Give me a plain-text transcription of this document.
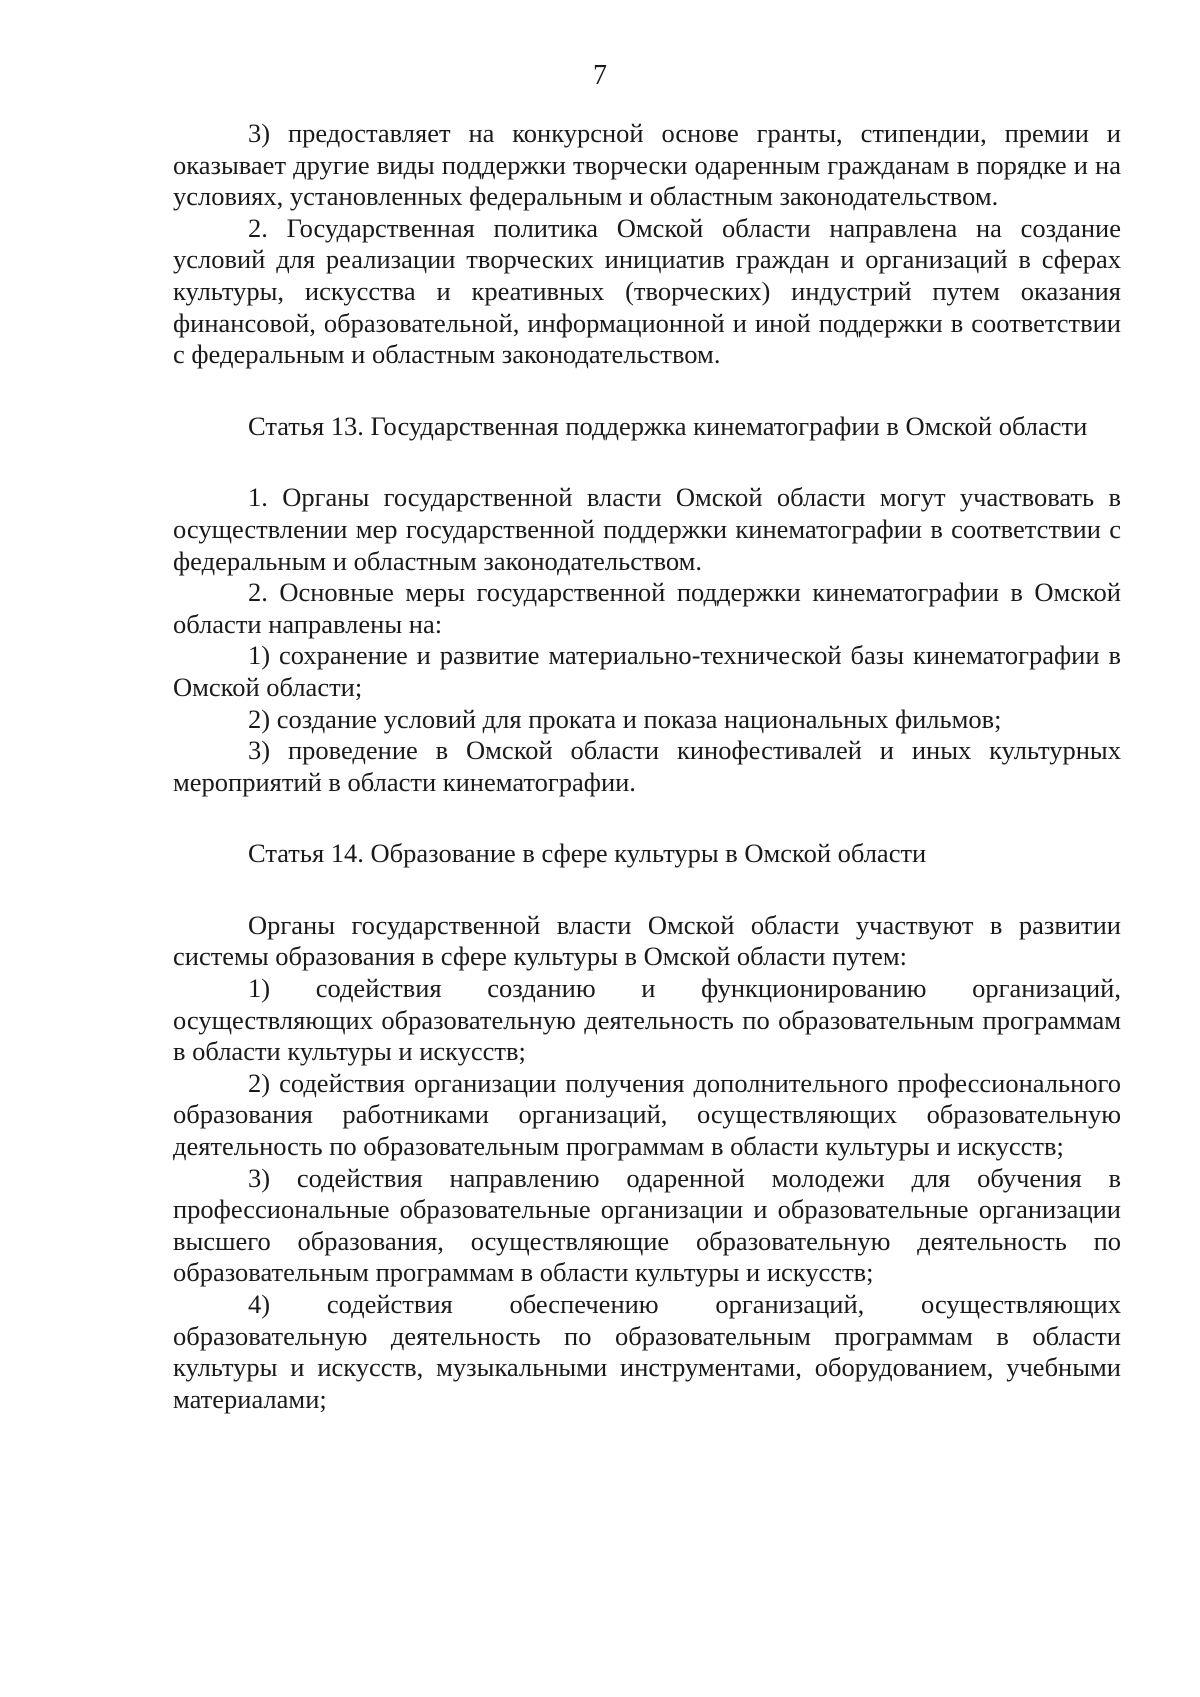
7

3) предоставляет на конкурсной основе гранты, стипендии, премии и оказывает другие виды поддержки творчески одаренным гражданам в порядке и на условиях, установленных федеральным и областным законодательством.

2. Государственная политика Омской области направлена на создание условий для реализации творческих инициатив граждан и организаций в сферах культуры, искусства и креативных (творческих) индустрий путем оказания финансовой, образовательной, информационной и иной поддержки в соответствии с федеральным и областным законодательством.

Статья 13. Государственная поддержка кинематографии в Омской области

1. Органы государственной власти Омской области могут участвовать в осуществлении мер государственной поддержки кинематографии в соответствии с федеральным и областным законодательством.

2. Основные меры государственной поддержки кинематографии в Омской области направлены на:

1) сохранение и развитие материально-технической базы кинематографии в Омской области;

2) создание условий для проката и показа национальных фильмов;

3) проведение в Омской области кинофестивалей и иных культурных мероприятий в области кинематографии.

Статья 14. Образование в сфере культуры в Омской области

Органы государственной власти Омской области участвуют в развитии системы образования в сфере культуры в Омской области путем:

1) содействия созданию и функционированию организаций, осуществляющих образовательную деятельность по образовательным программам в области культуры и искусств;

2) содействия организации получения дополнительного профессионального образования работниками организаций, осуществляющих образовательную деятельность по образовательным программам в области культуры и искусств;

3) содействия направлению одаренной молодежи для обучения в профессиональные образовательные организации и образовательные организации высшего образования, осуществляющие образовательную деятельность по образовательным программам в области культуры и искусств;

4) содействия обеспечению организаций, осуществляющих образовательную деятельность по образовательным программам в области культуры и искусств, музыкальными инструментами, оборудованием, учебными материалами;
